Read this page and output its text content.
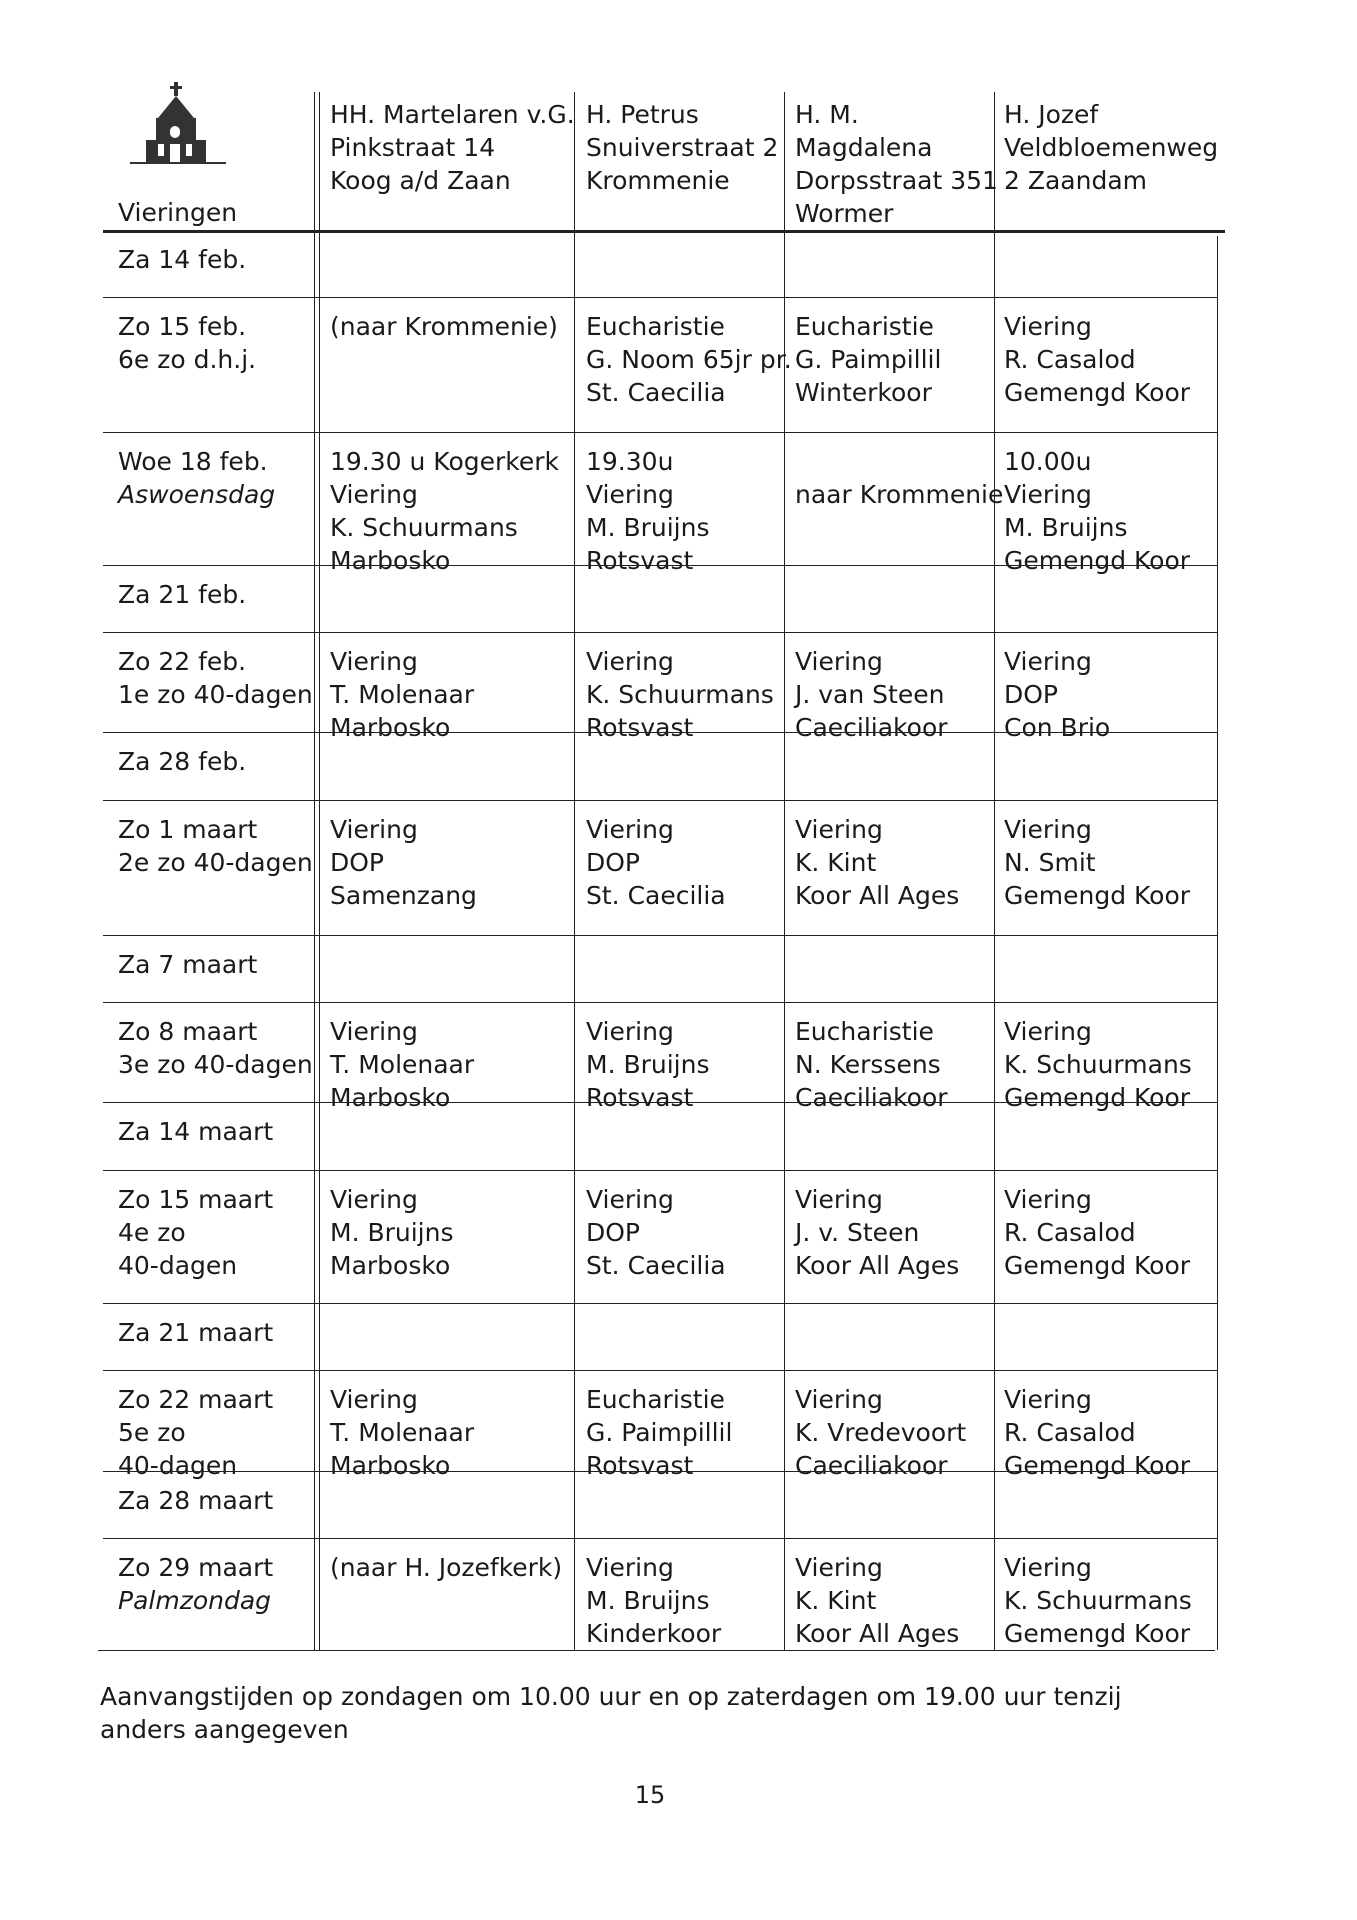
Vieringen
HH. Martelaren v.G.
Pinkstraat 14
Koog a/d Zaan
H. Petrus
Snuiverstraat 2
Krommenie
H. M.
Magdalena
Dorpsstraat 351
Wormer
H. Jozef
Veldbloemenweg
2 Zaandam
Za 14 feb.
Zo 15 feb.
6e zo d.h.j.
(naar Krommenie) Eucharistie
G. Noom 65jr pr.
St. Caecilia
Eucharistie
G. Paimpillil
Winterkoor
Viering
R. Casalod
Gemengd Koor
Woe 18 feb.
Aswoensdag
19.30 u Kogerkerk
Viering
K. Schuurmans
Marbosko
19.30u
Viering
M. Bruijns
Rotsvast

naar Krommenie
10.00u
Viering
M. Bruijns
Gemengd Koor
Za 21 feb.
Zo 22 feb.
1e zo 40-dagen
Viering
T. Molenaar
Marbosko
Viering
K. Schuurmans
Rotsvast
Viering
J. van Steen
Caeciliakoor
Viering
DOP
Con Brio
Za 28 feb.
Zo 1 maart
2e zo 40-dagen
Viering
DOP
Samenzang
Viering
DOP
St. Caecilia
Viering
K. Kint
Koor All Ages
Viering
N. Smit
Gemengd Koor
Za 7 maart
Zo 8 maart
3e zo 40-dagen
Viering
T. Molenaar
Marbosko
Viering
M. Bruijns
Rotsvast
Eucharistie
N. Kerssens
Caeciliakoor
Viering
K. Schuurmans
Gemengd Koor
Za 14 maart
Zo 15 maart
4e zo
40-dagen
Viering
M. Bruijns
Marbosko
Viering
DOP
St. Caecilia
Viering
J. v. Steen
Koor All Ages
Viering
R. Casalod
Gemengd Koor
Za 21 maart
Zo 22 maart
5e zo
40-dagen
Viering
T. Molenaar
Marbosko
Eucharistie
G. Paimpillil
Rotsvast
Viering
K. Vredevoort
Caeciliakoor
Viering
R. Casalod
Gemengd Koor
Za 28 maart
Zo 29 maart
Palmzondag
(naar H. Jozefkerk) Viering
M. Bruijns
Kinderkoor
Viering
K. Kint
Koor All Ages
Viering
K. Schuurmans
Gemengd Koor
Aanvangstijden op zondagen om 10.00 uur en op zaterdagen om 19.00 uur tenzij anders aangegeven
15
